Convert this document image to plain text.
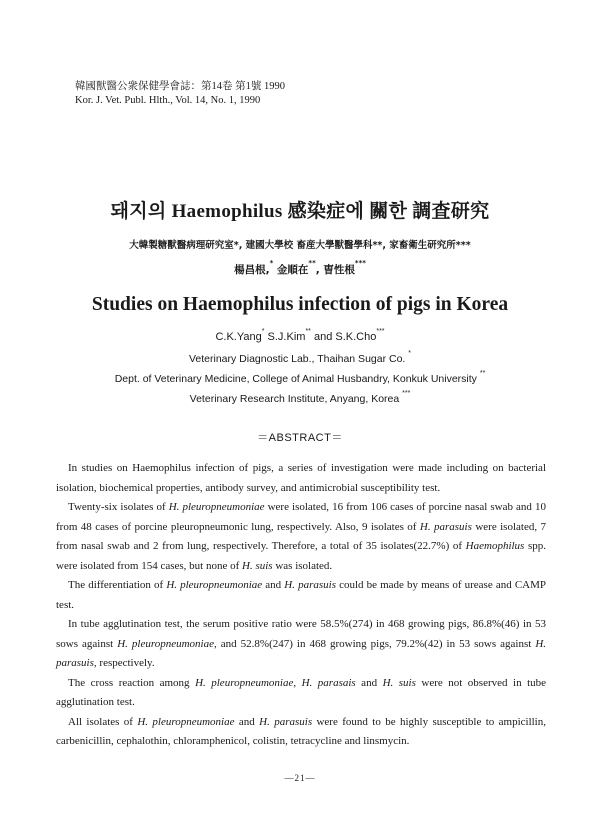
韓國獸醫公衆保健學會誌：第14卷 第1號 1990
Kor. J. Vet. Publ. Hlth., Vol. 14, No. 1, 1990
돼지의 Haemophilus 感染症에 關한 調査研究
大韓製糖獸醫病理研究室*, 建國大學校 畜産大學獸醫學科**, 家畜衛生研究所***
楊昌根,* 金順在**, 曺性根***
Studies on Haemophilus infection of pigs in Korea
C.K.Yang* S.J.Kim** and S.K.Cho***
Veterinary Diagnostic Lab., Thaihan Sugar Co. *
Dept. of Veterinary Medicine, College of Animal Husbandry, Konkuk University **
Veterinary Research Institute, Anyang, Korea ***
＝ABSTRACT＝

In studies on Haemophilus infection of pigs, a series of investigation were made including on bacterial isolation, biochemical properties, antibody survey, and antimicrobial susceptibility test.

Twenty-six isolates of H. pleuropneumoniae were isolated, 16 from 106 cases of porcine nasal swab and 10 from 48 cases of porcine pleuropneumonic lung, respectively. Also, 9 isolates of H. parasuis were isolated, 7 from nasal swab and 2 from lung, respectively. Therefore, a total of 35 isolates(22.7%) of Haemophilus spp. were isolated from 154 cases, but none of H. suis was isolated.

The differentiation of H. pleuropneumoniae and H. parasuis could be made by means of urease and CAMP test.

In tube agglutination test, the serum positive ratio were 58.5%(274) in 468 growing pigs, 86.8%(46) in 53 sows against H. pleuropneumoniae, and 52.8%(247) in 468 growing pigs, 79.2%(42) in 53 sows against H. parasuis, respectively.

The cross reaction among H. pleuropneumoniae, H. parasais and H. suis were not observed in tube agglutination test.

All isolates of H. pleuropneumoniae and H. parasuis were found to be highly susceptible to ampicillin, carbenicillin, cephalothin, chloramphenicol, colistin, tetracycline and linsmycin.

—21—
